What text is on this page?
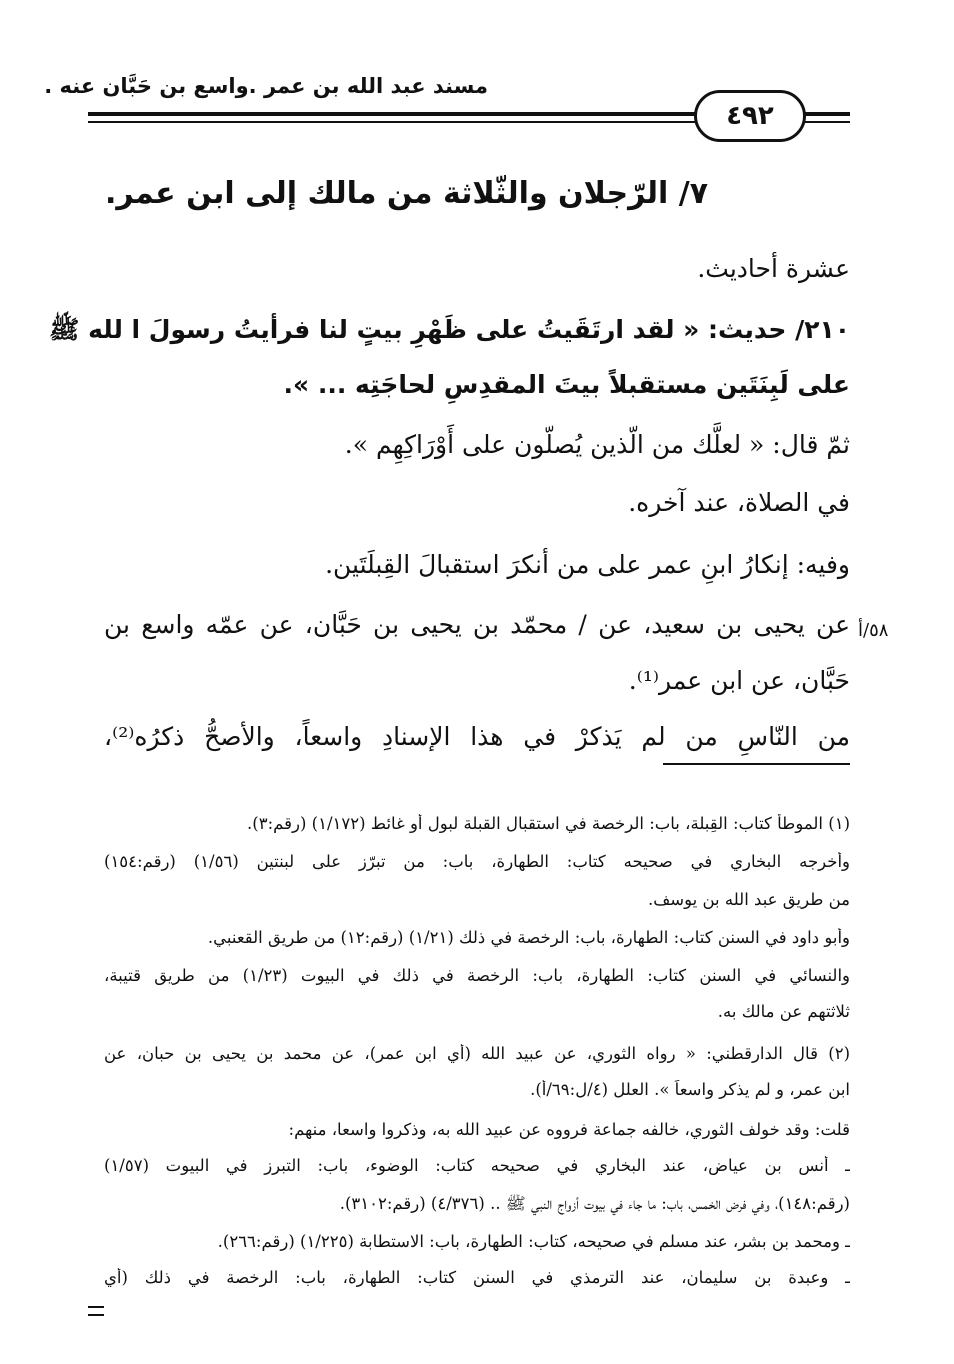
مسند عبد الله بن عمر .واسع بن حَبَّان عنه .
٤٩٢
٧/ الرّجلان والثّلاثة من مالك إلى ابن عمر.
عشرة أحاديث.
٢١٠/ حديث: « لقد ارتَقَيتُ على ظَهْرِ بيتٍ لنا فرأيتُ رسولَ ا لله ﷺ
على لَبِنَتَين مستقبلاً بيتَ المقدِسِ لحاجَتِه ... ».
ثمّ قال: « لعلَّك من الّذين يُصلّون على أَوْرَاكِهِم ».
في الصلاة، عند آخره.
وفيه: إنكارُ ابنِ عمر على من أنكرَ استقبالَ القِبلَتَين.
عن يحيى بن سعيد، عن / محمّد بن يحيى بن حَبَّان، عن عمّه واسع بن
حَبَّان، عن ابن عمر⁽¹⁾.
من النّاسِ من لم يَذكرْ في هذا الإسنادِ واسعاً، والأصحُّ ذكرُه⁽²⁾،
٥٨/أ
(١) الموطأ كتاب: القِبلة، باب: الرخصة في استقبال القبلة لبول أو غائط (١/١٧٢) (رقم:٣).
وأخرجه البخاري في صحيحه كتاب: الطهارة، باب: من تبرّز على لبنتين (١/٥٦) (رقم:١٥٤)
من طريق عبد الله بن يوسف.
وأبو داود في السنن كتاب: الطهارة، باب: الرخصة في ذلك (١/٢١) (رقم:١٢) من طريق القعنبي.
والنسائي في السنن كتاب: الطهارة، باب: الرخصة في ذلك في البيوت (١/٢٣) من طريق قتيبة،
ثلاثتهم عن مالك به.
(٢) قال الدارقطني: « رواه الثوري، عن عبيد الله (أي ابن عمر)، عن محمد بن يحيى بن حبان، عن
ابن عمر، و لم يذكر واسعاً ». العلل (٤/ل:٦٩/أ).
قلت: وقد خولف الثوري، خالفه جماعة فرووه عن عبيد الله به، وذكروا واسعا، منهم:
ـ أنس بن عياض، عند البخاري في صحيحه كتاب: الوضوء، باب: التبرز في البيوت (١/٥٧)
(رقم:١٤٨)، وفي فرض الخمس، باب: ما جاء في بيوت أزواج النبي ﷺ .. (٤/٣٧٦) (رقم:٣١٠٢).
ـ ومحمد بن بشر، عند مسلم في صحيحه، كتاب: الطهارة، باب: الاستطابة (١/٢٢٥) (رقم:٢٦٦).
ـ وعبدة بن سليمان، عند الترمذي في السنن كتاب: الطهارة، باب: الرخصة في ذلك (أي
